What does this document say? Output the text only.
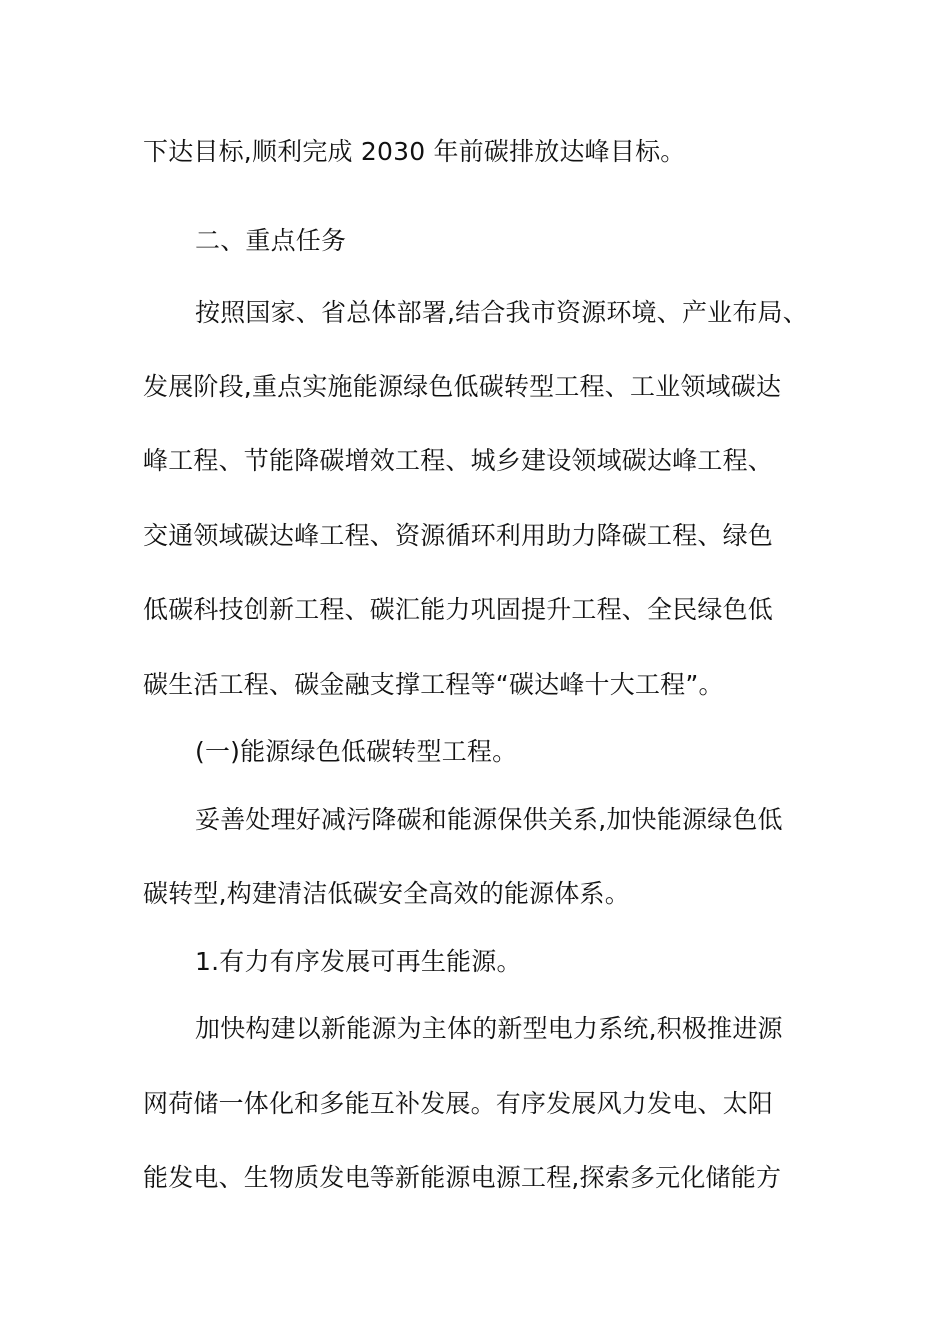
下达目标,顺利完成 2030 年前碳排放达峰目标。
二、重点任务
按照国家、省总体部署,结合我市资源环境、产业布局、
发展阶段,重点实施能源绿色低碳转型工程、工业领域碳达
峰工程、节能降碳增效工程、城乡建设领域碳达峰工程、
交通领域碳达峰工程、资源循环利用助力降碳工程、绿色
低碳科技创新工程、碳汇能力巩固提升工程、全民绿色低
碳生活工程、碳金融支撑工程等“碳达峰十大工程”。
(一)能源绿色低碳转型工程。
妥善处理好减污降碳和能源保供关系,加快能源绿色低
碳转型,构建清洁低碳安全高效的能源体系。
1.有力有序发展可再生能源。
加快构建以新能源为主体的新型电力系统,积极推进源
网荷储一体化和多能互补发展。有序发展风力发电、太阳
能发电、生物质发电等新能源电源工程,探索多元化储能方
